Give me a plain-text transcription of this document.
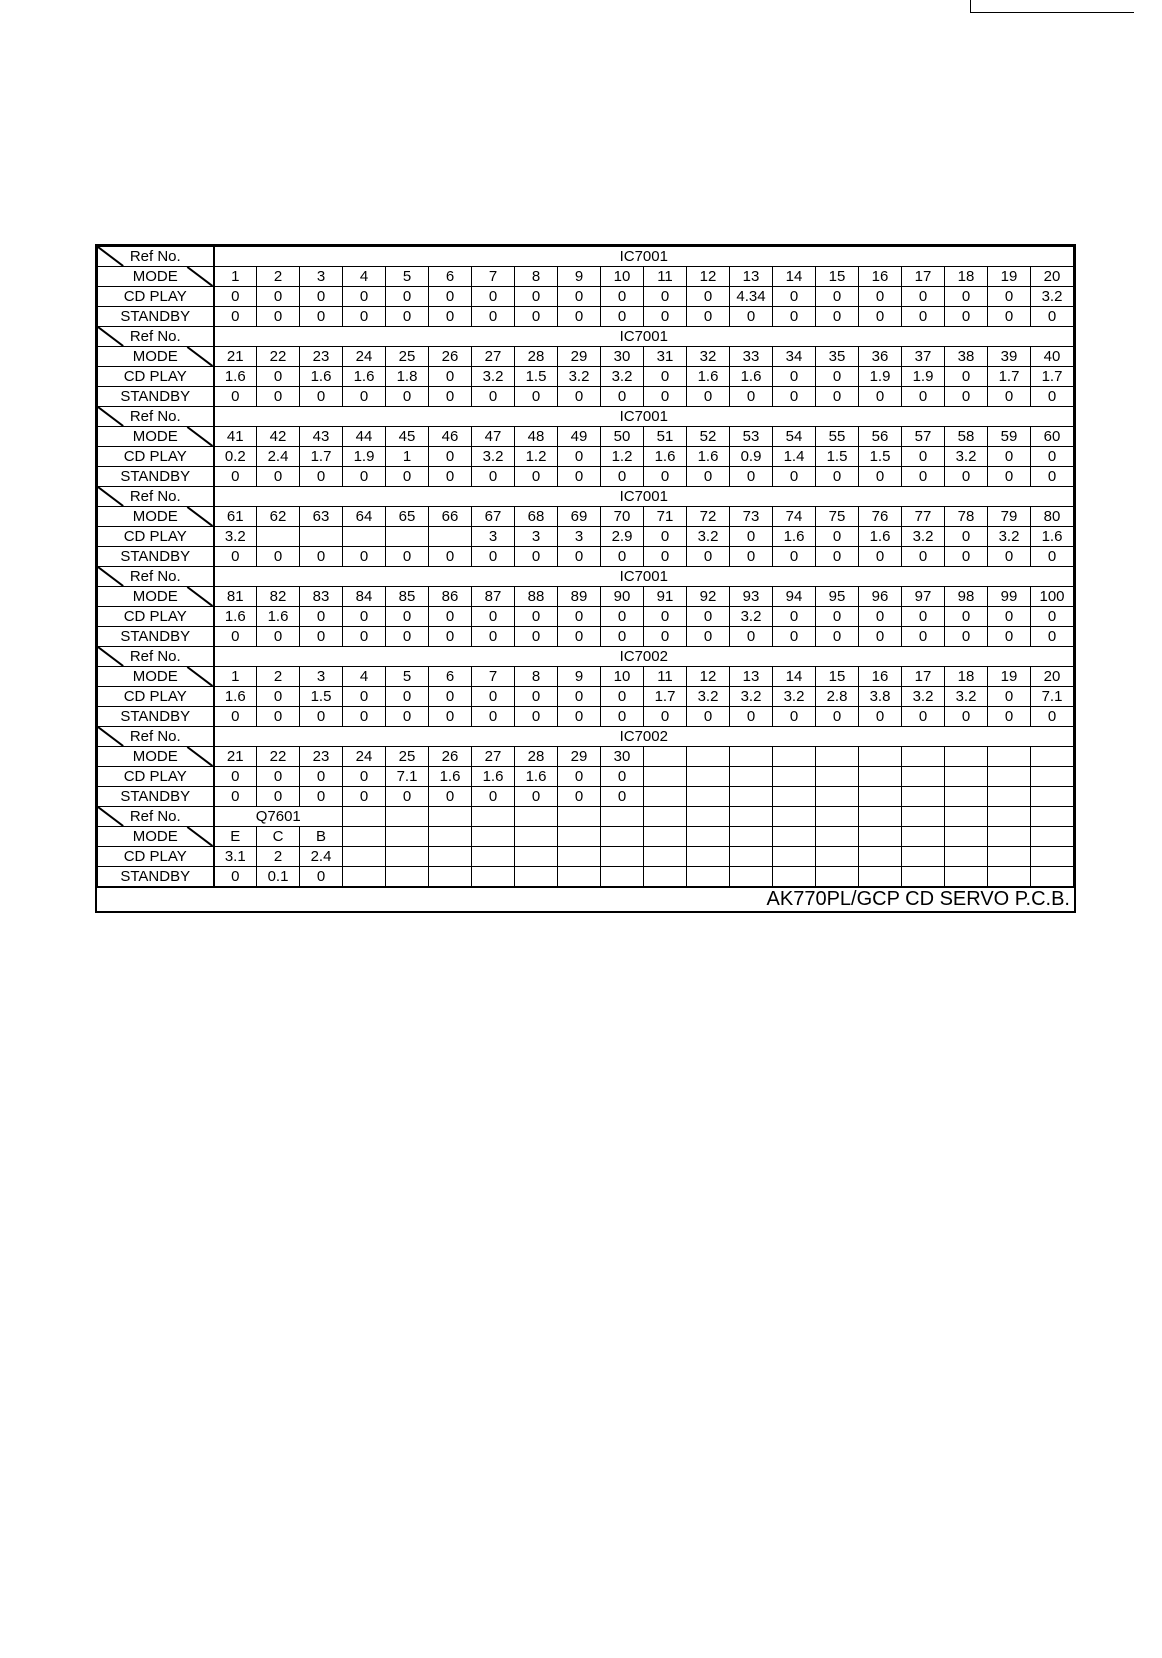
Ref No.	IC7001																			

MODE	1	2	3	4	5	6	7	8	9	10	11	12	13	14	15	16	17	18	19	20
CD PLAY	0	0	0	0	0	0	0	0	0	0	0	0	4.34	0	0	0	0	0	0	3.2
STANDBY	0	0	0	0	0	0	0	0	0	0	0	0	0	0	0	0	0	0	0	0

Ref No.	IC7001																			

MODE	21	22	23	24	25	26	27	28	29	30	31	32	33	34	35	36	37	38	39	40
CD PLAY	1.6	0	1.6	1.6	1.8	0	3.2	1.5	3.2	3.2	0	1.6	1.6	0	0	1.9	1.9	0	1.7	1.7
STANDBY	0	0	0	0	0	0	0	0	0	0	0	0	0	0	0	0	0	0	0	0

Ref No.	IC7001																			

MODE	41	42	43	44	45	46	47	48	49	50	51	52	53	54	55	56	57	58	59	60
CD PLAY	0.2	2.4	1.7	1.9	1	0	3.2	1.2	0	1.2	1.6	1.6	0.9	1.4	1.5	1.5	0	3.2	0	0
STANDBY	0	0	0	0	0	0	0	0	0	0	0	0	0	0	0	0	0	0	0	0

Ref No.	IC7001																			

MODE	61	62	63	64	65	66	67	68	69	70	71	72	73	74	75	76	77	78	79	80
CD PLAY	3.2						3	3	3	2.9	0	3.2	0	1.6	0	1.6	3.2	0	3.2	1.6
STANDBY	0	0	0	0	0	0	0	0	0	0	0	0	0	0	0	0	0	0	0	0

Ref No.	IC7001																			

MODE	81	82	83	84	85	86	87	88	89	90	91	92	93	94	95	96	97	98	99	100
CD PLAY	1.6	1.6	0	0	0	0	0	0	0	0	0	0	3.2	0	0	0	0	0	0	0
STANDBY	0	0	0	0	0	0	0	0	0	0	0	0	0	0	0	0	0	0	0	0

Ref No.	IC7002																			

MODE	1	2	3	4	5	6	7	8	9	10	11	12	13	14	15	16	17	18	19	20
CD PLAY	1.6	0	1.5	0	0	0	0	0	0	0	1.7	3.2	3.2	3.2	2.8	3.8	3.2	3.2	0	7.1
STANDBY	0	0	0	0	0	0	0	0	0	0	0	0	0	0	0	0	0	0	0	0

Ref No.	IC7002																			

MODE	21	22	23	24	25	26	27	28	29	30										
CD PLAY	0	0	0	0	7.1	1.6	1.6	1.6	0	0										
STANDBY	0	0	0	0	0	0	0	0	0	0										

Ref No.	Q7601																			

MODE	E	C	B																	
CD PLAY	3.1	2	2.4																	
STANDBY	0	0.1	0																	
AK770PL/GCP CD SERVO P.C.B.
